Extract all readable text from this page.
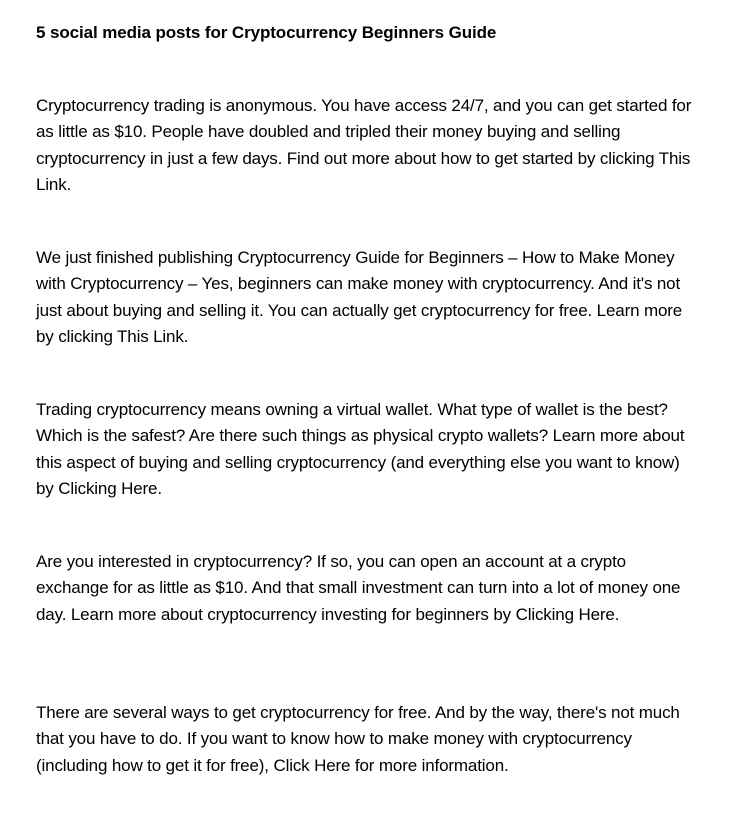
5 social media posts for Cryptocurrency Beginners Guide

Cryptocurrency trading is anonymous. You have access 24/7, and you can get started for as little as $10. People have doubled and tripled their money buying and selling cryptocurrency in just a few days. Find out more about how to get started by clicking This Link.

We just finished publishing Cryptocurrency Guide for Beginners – How to Make Money with Cryptocurrency – Yes, beginners can make money with cryptocurrency. And it's not just about buying and selling it. You can actually get cryptocurrency for free. Learn more by clicking This Link.

Trading cryptocurrency means owning a virtual wallet. What type of wallet is the best? Which is the safest? Are there such things as physical crypto wallets? Learn more about this aspect of buying and selling cryptocurrency (and everything else you want to know) by Clicking Here.

Are you interested in cryptocurrency? If so, you can open an account at a crypto exchange for as little as $10. And that small investment can turn into a lot of money one day. Learn more about cryptocurrency investing for beginners by Clicking Here.

There are several ways to get cryptocurrency for free. And by the way, there's not much that you have to do. If you want to know how to make money with cryptocurrency (including how to get it for free), Click Here for more information.
